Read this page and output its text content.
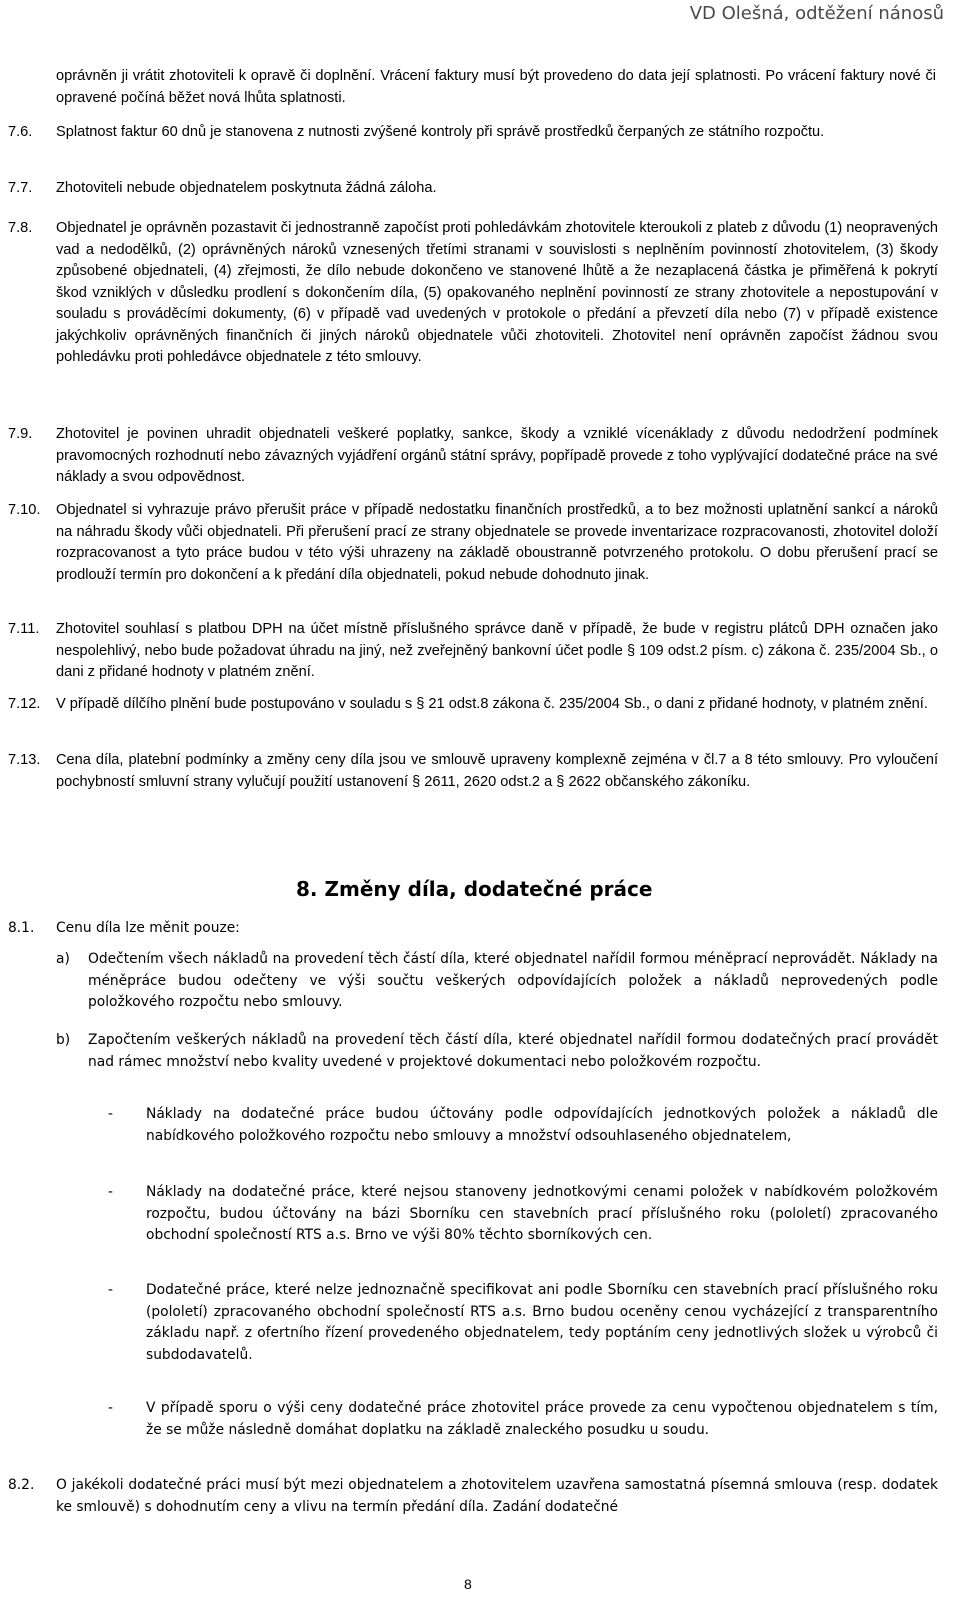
VD Olešná, odtěžení nánosů

oprávněn ji vrátit zhotoviteli k opravě či doplnění. Vrácení faktury musí být provedeno do data její splatnosti. Po vrácení faktury nové či opravené počíná běžet nová lhůta splatnosti.

7.6. Splatnost faktur 60 dnů je stanovena z nutnosti zvýšené kontroly při správě prostředků čerpaných ze státního rozpočtu.

7.7. Zhotoviteli nebude objednatelem poskytnuta žádná záloha.

7.8. Objednatel je oprávněn pozastavit či jednostranně započíst proti pohledávkám zhotovitele kteroukoli z plateb z důvodu (1) neopravených vad a nedodělků, (2) oprávněných nároků vznesených třetími stranami v souvislosti s neplněním povinností zhotovitelem, (3) škody způsobené objednateli, (4) zřejmosti, že dílo nebude dokončeno ve stanovené lhůtě a že nezaplacená částka je přiměřená k pokrytí škod vzniklých v důsledku prodlení s dokončením díla, (5) opakovaného neplnění povinností ze strany zhotovitele a nepostupování v souladu s prováděcími dokumenty, (6) v případě vad uvedených v protokole o předání a převzetí díla nebo (7) v případě existence jakýchkoliv oprávněných finančních či jiných nároků objednatele vůči zhotoviteli. Zhotovitel není oprávněn započíst žádnou svou pohledávku proti pohledávce objednatele z této smlouvy.

7.9. Zhotovitel je povinen uhradit objednateli veškeré poplatky, sankce, škody a vzniklé vícenáklady z důvodu nedodržení podmínek pravomocných rozhodnutí nebo závazných vyjádření orgánů státní správy, popřípadě provede z toho vyplývající dodatečné práce na své náklady a svou odpovědnost.

7.10. Objednatel si vyhrazuje právo přerušit práce v případě nedostatku finančních prostředků, a to bez možnosti uplatnění sankcí a nároků na náhradu škody vůči objednateli. Při přerušení prací ze strany objednatele se provede inventarizace rozpracovanosti, zhotovitel doloží rozpracovanost a tyto práce budou v této výši uhrazeny na základě oboustranně potvrzeného protokolu. O dobu přerušení prací se prodlouží termín pro dokončení a k předání díla objednateli, pokud nebude dohodnuto jinak.

7.11. Zhotovitel souhlasí s platbou DPH na účet místně příslušného správce daně v případě, že bude v registru plátců DPH označen jako nespolehlivý, nebo bude požadovat úhradu na jiný, než zveřejněný bankovní účet podle § 109 odst.2 písm. c) zákona č. 235/2004 Sb., o dani z přidané hodnoty v platném znění.

7.12. V případě dílčího plnění bude postupováno v souladu s § 21 odst.8 zákona č. 235/2004 Sb., o dani z přidané hodnoty, v platném znění.

7.13. Cena díla, platební podmínky a změny ceny díla jsou ve smlouvě upraveny komplexně zejména v čl.7 a 8 této smlouvy. Pro vyloučení pochybností smluvní strany vylučují použití ustanovení § 2611, 2620 odst.2 a § 2622 občanského zákoníku.

8. Změny díla, dodatečné práce
8.1. Cenu díla lze měnit pouze:
a) Odečtením všech nákladů na provedení těch částí díla, které objednatel nařídil formou méněprací neprovádět. Náklady na méněpráce budou odečteny ve výši součtu veškerých odpovídajících položek a nákladů neprovedených podle položkového rozpočtu nebo smlouvy.

b) Započtením veškerých nákladů na provedení těch částí díla, které objednatel nařídil formou dodatečných prací provádět nad rámec množství nebo kvality uvedené v projektové dokumentaci nebo položkovém rozpočtu.

- Náklady na dodatečné práce budou účtovány podle odpovídajících jednotkových položek a nákladů dle nabídkového položkového rozpočtu nebo smlouvy a množství odsouhlaseného objednatelem,

- Náklady na dodatečné práce, které nejsou stanoveny jednotkovými cenami položek v nabídkovém položkovém rozpočtu, budou účtovány na bázi Sborníku cen stavebních prací příslušného roku (pololetí) zpracovaného obchodní společností RTS a.s. Brno ve výši 80% těchto sborníkových cen.

- Dodatečné práce, které nelze jednoznačně specifikovat ani podle Sborníku cen stavebních prací příslušného roku (pololetí) zpracovaného obchodní společností RTS a.s. Brno budou oceněny cenou vycházející z transparentního základu např. z ofertního řízení provedeného objednatelem, tedy poptáním ceny jednotlivých složek u výrobců či subdodavatelů.

- V případě sporu o výši ceny dodatečné práce zhotovitel práce provede za cenu vypočtenou objednatelem s tím, že se může následně domáhat doplatku na základě znaleckého posudku u soudu.

8.2. O jakékoli dodatečné práci musí být mezi objednatelem a zhotovitelem uzavřena samostatná písemná smlouva (resp. dodatek ke smlouvě) s dohodnutím ceny a vlivu na termín předání díla. Zadání dodatečné

8
